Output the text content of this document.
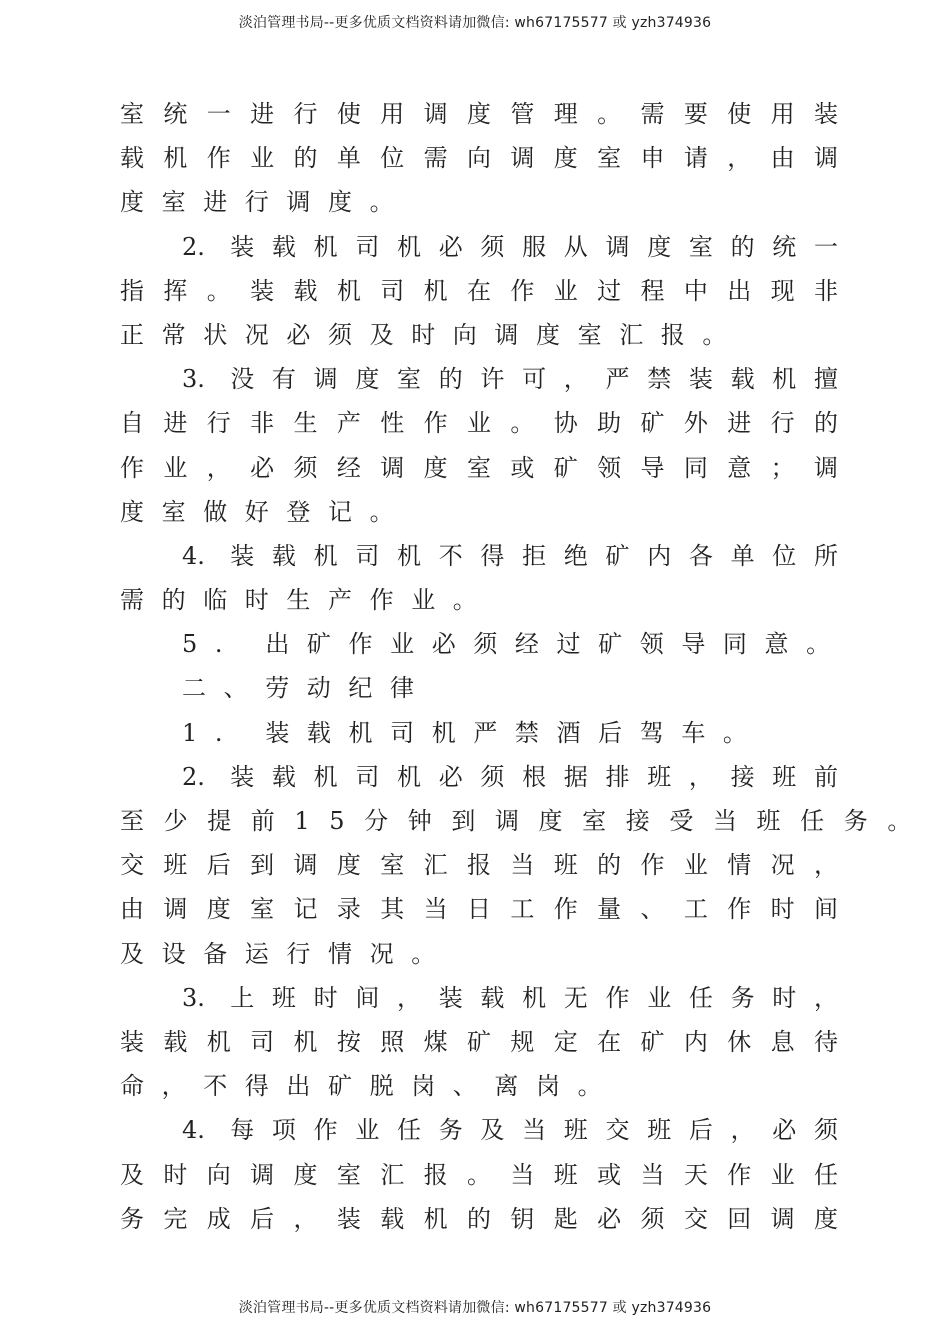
淡泊管理书局--更多优质文档资料请加微信: wh67175577 或 yzh374936
室统一进行使用调度管理。需要使用装
载机作业的单位需向调度室申请，由调
度室进行调度。
2. 装载机司机必须服从调度室的统一
指挥。装载机司机在作业过程中出现非
正常状况必须及时向调度室汇报。
3. 没有调度室的许可，严禁装载机擅
自进行非生产性作业。协助矿外进行的
作业，必须经调度室或矿领导同意；调
度室做好登记。
4. 装载机司机不得拒绝矿内各单位所
需的临时生产作业。
5. 出矿作业必须经过矿领导同意。
二、劳动纪律
1. 装载机司机严禁酒后驾车。
2. 装载机司机必须根据排班，接班前
至少提前15分钟到调度室接受当班任务。
交班后到调度室汇报当班的作业情况，
由调度室记录其当日工作量、工作时间
及设备运行情况。
3. 上班时间，装载机无作业任务时，
装载机司机按照煤矿规定在矿内休息待
命，不得出矿脱岗、离岗。
4. 每项作业任务及当班交班后，必须
及时向调度室汇报。当班或当天作业任
务完成后，装载机的钥匙必须交回调度
淡泊管理书局--更多优质文档资料请加微信: wh67175577 或 yzh374936
